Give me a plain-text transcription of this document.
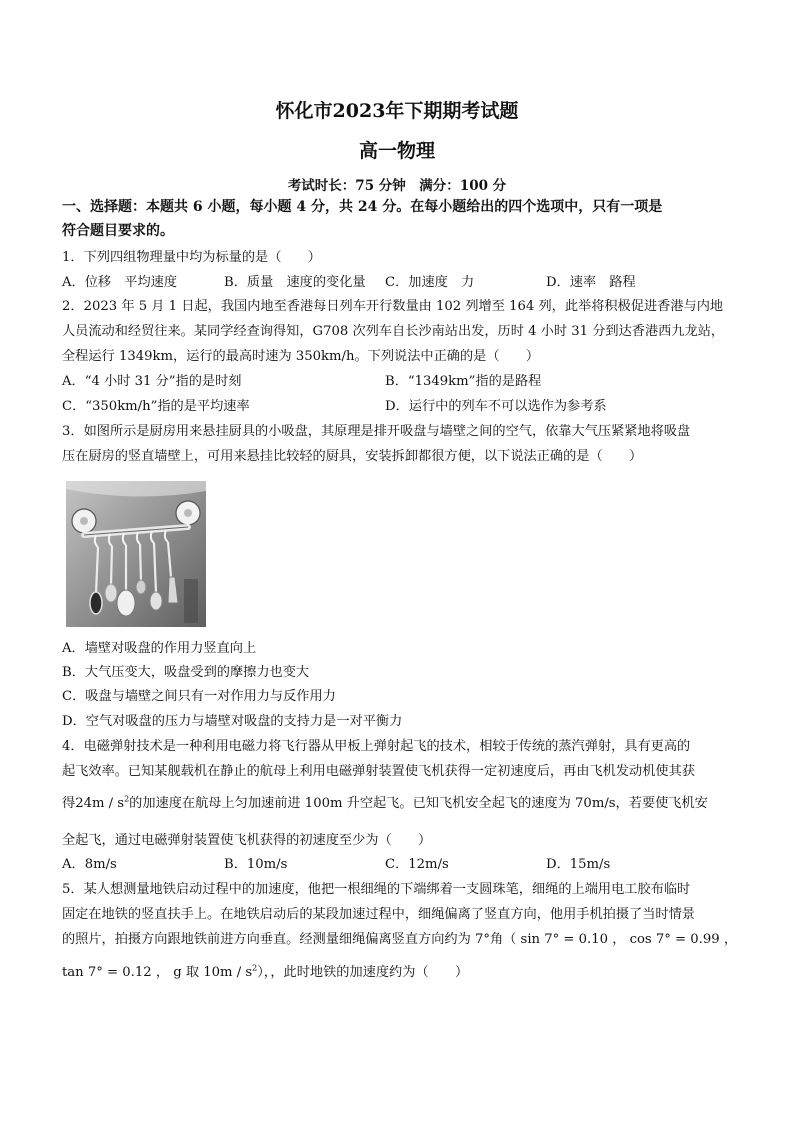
怀化市2023年下期期考试题
高一物理
考试时长：75 分钟　满分：100 分
一、选择题：本题共 6 小题，每小题 4 分，共 24 分。在每小题给出的四个选项中，只有一项是
符合题目要求的。
1．下列四组物理量中均为标量的是（　　）
A．位移　平均速度	B．质量　速度的变化量 C．加速度　力	D．速率　路程
2．2023 年 5 月 1 日起，我国内地至香港每日列车开行数量由 102 列增至 164 列，此举将积极促进香港与内地
人员流动和经贸往来。某同学经查询得知，G708 次列车自长沙南站出发，历时 4 小时 31 分到达香港西九龙站，
全程运行 1349km，运行的最高时速为 350km/h。下列说法中正确的是（　　）
A．“4 小时 31 分”指的是时刻	B．“1349km”指的是路程
C．“350km/h”指的是平均速率	D．运行中的列车不可以选作为参考系
3．如图所示是厨房用来悬挂厨具的小吸盘，其原理是排开吸盘与墙壁之间的空气，依靠大气压紧紧地将吸盘
压在厨房的竖直墙壁上，可用来悬挂比较轻的厨具，安装拆卸都很方便，以下说法正确的是（　　）
A．墙壁对吸盘的作用力竖直向上
B．大气压变大，吸盘受到的摩擦力也变大
C．吸盘与墙壁之间只有一对作用力与反作用力
D．空气对吸盘的压力与墙壁对吸盘的支持力是一对平衡力
4．电磁弹射技术是一种利用电磁力将飞行器从甲板上弹射起飞的技术，相较于传统的蒸汽弹射，具有更高的
起飞效率。已知某舰载机在静止的航母上利用电磁弹射装置使飞机获得一定初速度后，再由飞机发动机使其获
得$24m / s^2$的加速度在航母上匀加速前进 100m 升空起飞。已知飞机安全起飞的速度为 70m/s，若要使飞机安
全起飞，通过电磁弹射装置使飞机获得的初速度至少为（　　）
A．8m/s	B．10m/s	C．12m/s	D．15m/s
5．某人想测量地铁启动过程中的加速度，他把一根细绳的下端绑着一支圆珠笔，细绳的上端用电工胶布临时
固定在地铁的竖直扶手上。在地铁启动后的某段加速过程中，细绳偏离了竖直方向，他用手机拍摄了当时情景
的照片，拍摄方向跟地铁前进方向垂直。经测量细绳偏离竖直方向约为 7°角（ sin 7° = 0.10 ， cos 7° = 0.99 ，
tan 7° = 0.12 ， g 取 $10m / s^2$），，此时地铁的加速度约为（　　）
